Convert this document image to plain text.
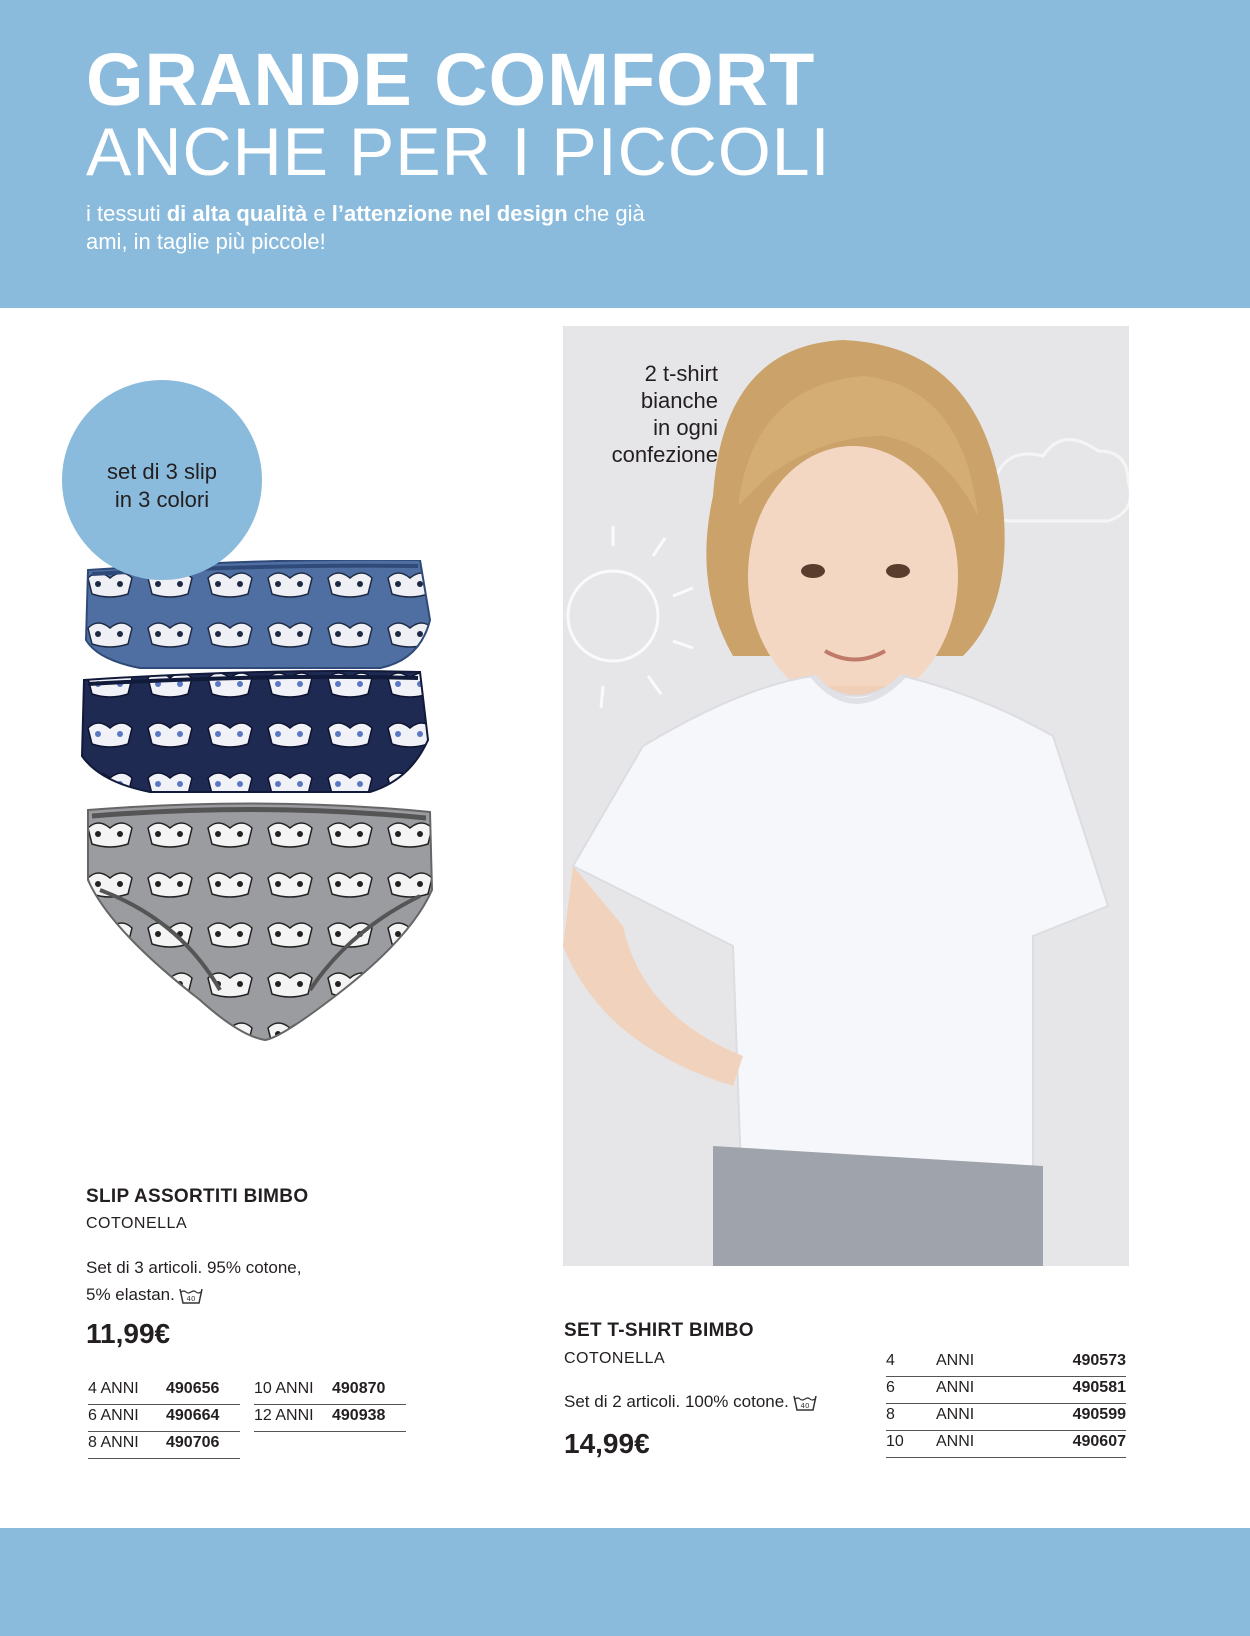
GRANDE COMFORT
ANCHE PER I PICCOLI
i tessuti di alta qualità e l’attenzione nel design che già ami, in taglie più piccole!
set di 3 slip
in 3 colori
SLIP ASSORTITI BIMBO
COTONELLA
Set di 3 articoli. 95% cotone,
5% elastan. 40
11,99€
4 ANNI	490656
6 ANNI	490664
8 ANNI	490706
10 ANNI	490870
12 ANNI	490938
2 t-shirt
bianche
in ogni
confezione
SET T-SHIRT BIMBO
COTONELLA
Set di 2 articoli. 100% cotone. 40
14,99€
4	ANNI	490573
6	ANNI	490581
8	ANNI	490599
10	ANNI	490607
